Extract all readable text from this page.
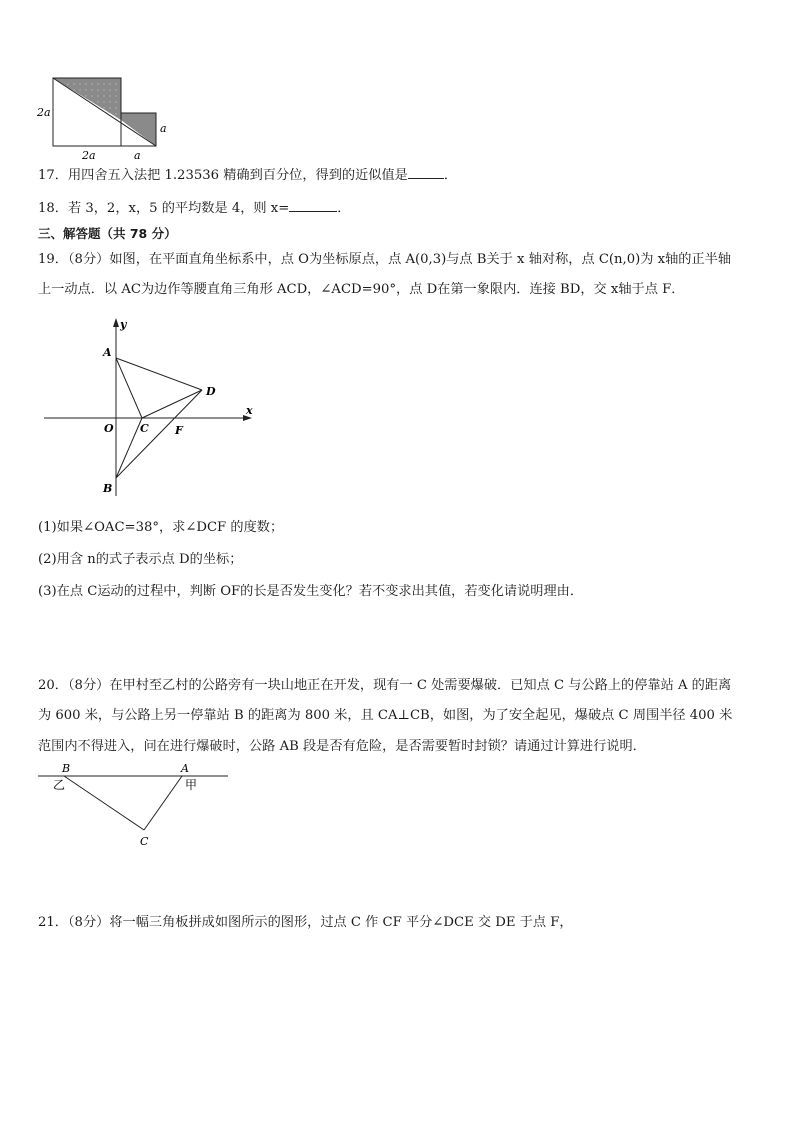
2a
2a	a
a
17．用四舍五入法把 1.23536 精确到百分位，得到的近似值是	．
18．若 3，2，x，5 的平均数是 4，则 x=	．
三、解答题（共 78 分）
19．（8分）如图，在平面直角坐标系中，点 O为坐标原点，点 A(0,3)与点 B关于 x 轴对称，点 C(n,0)为 x轴的正半轴
上一动点．以 AC为边作等腰直角三角形 ACD，∠ACD=90°，点 D在第一象限内．连接 BD，交 x轴于点 F．
y
x
A
B
O C
D
F
(1)如果∠OAC=38°，求∠DCF 的度数；
(2)用含 n的式子表示点 D的坐标；
(3)在点 C运动的过程中，判断 OF的长是否发生变化？若不变求出其值，若变化请说明理由．
20．（8分）在甲村至乙村的公路旁有一块山地正在开发，现有一 C 处需要爆破．已知点 C 与公路上的停靠站 A 的距离
为 600 米，与公路上另一停靠站 B 的距离为 800 米，且 CA⊥CB，如图，为了安全起见，爆破点 C 周围半径 400 米
范围内不得进入，问在进行爆破时，公路 AB 段是否有危险，是否需要暂时封锁？请通过计算进行说明．
B	A
乙	甲
C
21．（8分）将一幅三角板拼成如图所示的图形，过点 C 作 CF 平分∠DCE 交 DE 于点 F，
